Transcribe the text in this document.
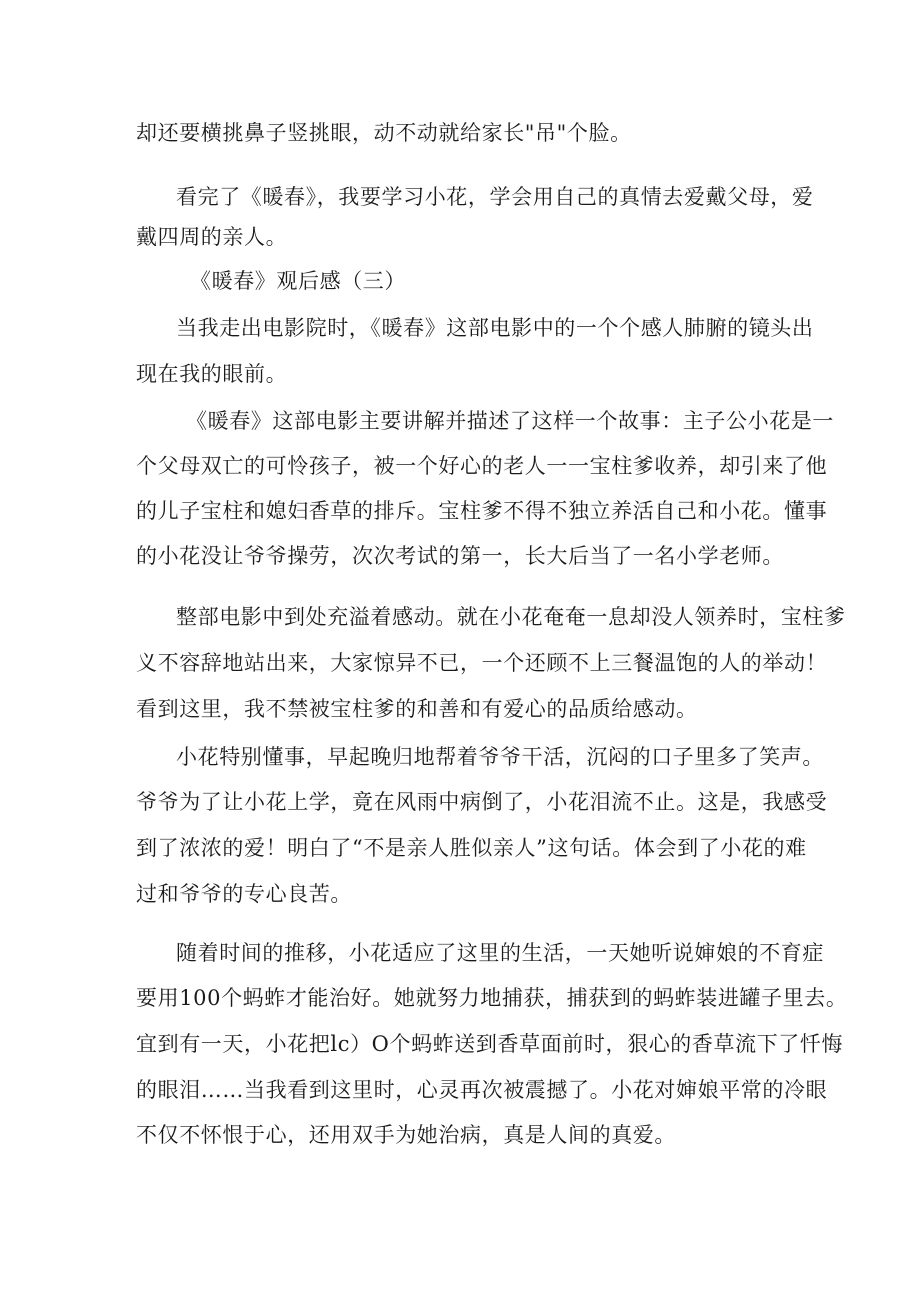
却还要横挑鼻子竖挑眼，动不动就给家长"吊"个脸。
看完了《暖春》，我要学习小花，学会用自己的真情去爱戴父母，爱
戴四周的亲人。
《暖春》观后感（三）
当我走出电影院时，《暖春》这部电影中的一个个感人肺腑的镜头出
现在我的眼前。
《暖春》这部电影主要讲解并描述了这样一个故事：主子公小花是一
个父母双亡的可怜孩子，被一个好心的老人一一宝柱爹收养，却引来了他
的儿子宝柱和媳妇香草的排斥。宝柱爹不得不独立养活自己和小花。懂事
的小花没让爷爷操劳，次次考试的第一，长大后当了一名小学老师。
整部电影中到处充溢着感动。就在小花奄奄一息却没人领养时，宝柱爹
义不容辞地站出来，大家惊异不已，一个还顾不上三餐温饱的人的举动！
看到这里，我不禁被宝柱爹的和善和有爱心的品质给感动。
小花特别懂事，早起晚归地帮着爷爷干活，沉闷的口子里多了笑声。
爷爷为了让小花上学，竟在风雨中病倒了，小花泪流不止。这是，我感受
到了浓浓的爱！明白了“不是亲人胜似亲人”这句话。体会到了小花的难
过和爷爷的专心良苦。
随着时间的推移，小花适应了这里的生活，一天她听说婶娘的不育症
要用100个蚂蚱才能治好。她就努力地捕获，捕获到的蚂蚱装进罐子里去。
宜到有一天，小花把lc）O个蚂蚱送到香草面前时，狠心的香草流下了忏悔
的眼泪……当我看到这里时，心灵再次被震撼了。小花对婶娘平常的冷眼
不仅不怀恨于心，还用双手为她治病，真是人间的真爱。
